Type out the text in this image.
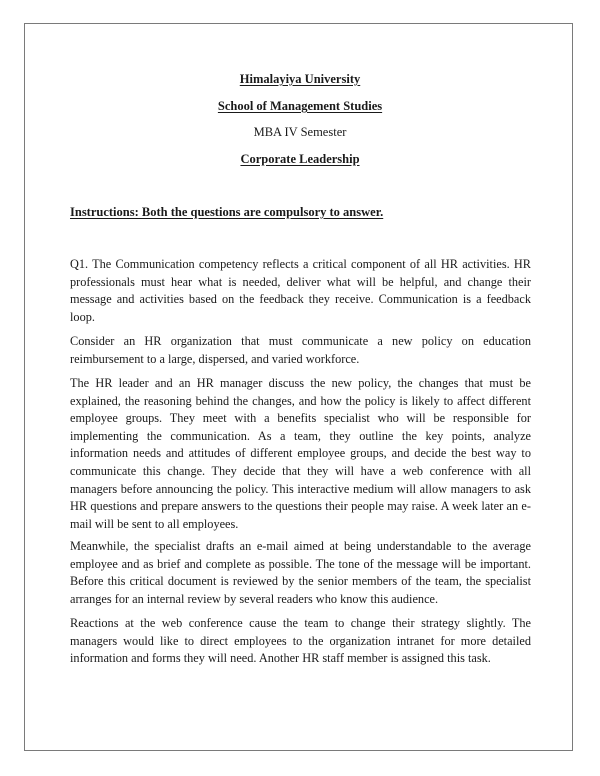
Himalayiya University
School of Management Studies
MBA IV Semester
Corporate Leadership
Instructions: Both the questions are compulsory to answer.

Q1. The Communication competency reflects a critical component of all HR activities. HR professionals must hear what is needed, deliver what will be helpful, and change their message and activities based on the feedback they receive. Communication is a feedback loop.

Consider an HR organization that must communicate a new policy on education reimbursement to a large, dispersed, and varied workforce.

The HR leader and an HR manager discuss the new policy, the changes that must be explained, the reasoning behind the changes, and how the policy is likely to affect different employee groups. They meet with a benefits specialist who will be responsible for implementing the communication. As a team, they outline the key points, analyze information needs and attitudes of different employee groups, and decide the best way to communicate this change. They decide that they will have a web conference with all managers before announcing the policy. This interactive medium will allow managers to ask HR questions and prepare answers to the questions their people may raise. A week later an e-mail will be sent to all employees.

Meanwhile, the specialist drafts an e-mail aimed at being understandable to the average employee and as brief and complete as possible. The tone of the message will be important. Before this critical document is reviewed by the senior members of the team, the specialist arranges for an internal review by several readers who know this audience.

Reactions at the web conference cause the team to change their strategy slightly. The managers would like to direct employees to the organization intranet for more detailed information and forms they will need. Another HR staff member is assigned this task.
